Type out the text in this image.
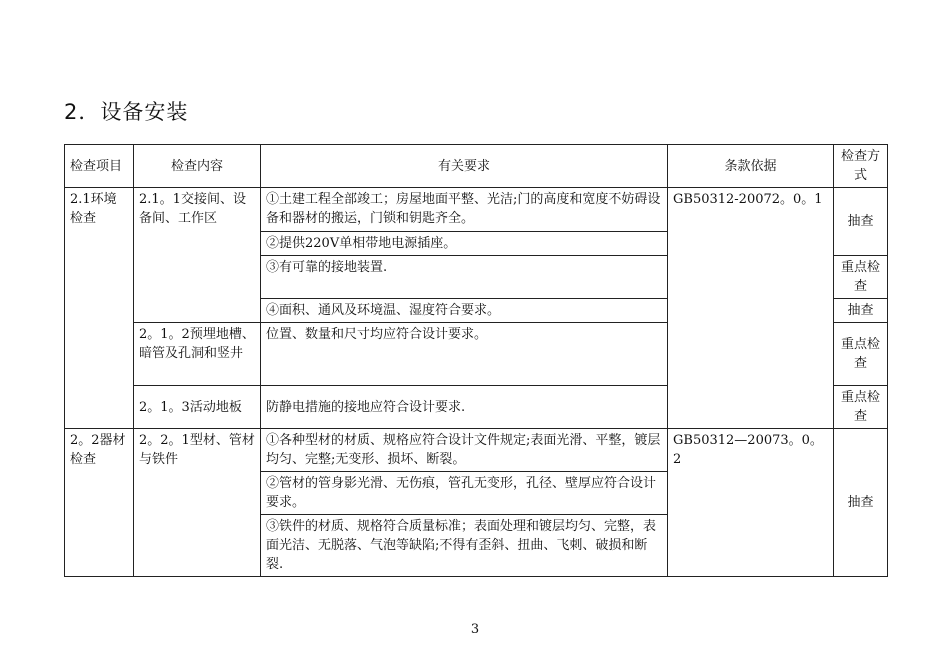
2．设备安装
检查项目	检查内容	有关要求	条款依据	检查方式
2.1环境检查	2.1。1交接间、设备间、工作区	①土建工程全部竣工；房屋地面平整、光洁;门的高度和宽度不妨碍设备和器材的搬运，门锁和钥匙齐全。	GB50312-20072。0。1	抽查
		②提供220V单相带地电源插座。		
		③有可靠的接地装置.		重点检查
		④面积、通风及环境温、湿度符合要求。		抽查
	2。1。2预埋地槽、暗管及孔洞和竖井	位置、数量和尺寸均应符合设计要求。		重点检查
	2。1。3活动地板	防静电措施的接地应符合设计要求.		重点检查
2。2器材检查	2。2。1型材、管材与铁件	①各种型材的材质、规格应符合设计文件规定;表面光滑、平整，镀层均匀、完整;无变形、损坏、断裂。	GB50312—20073。0。2	抽查
		②管材的管身影光滑、无伤痕，管孔无变形，孔径、壁厚应符合设计要求。		
		③铁件的材质、规格符合质量标准；表面处理和镀层均匀、完整，表面光洁、无脱落、气泡等缺陷;不得有歪斜、扭曲、飞刺、破损和断裂.		
3
